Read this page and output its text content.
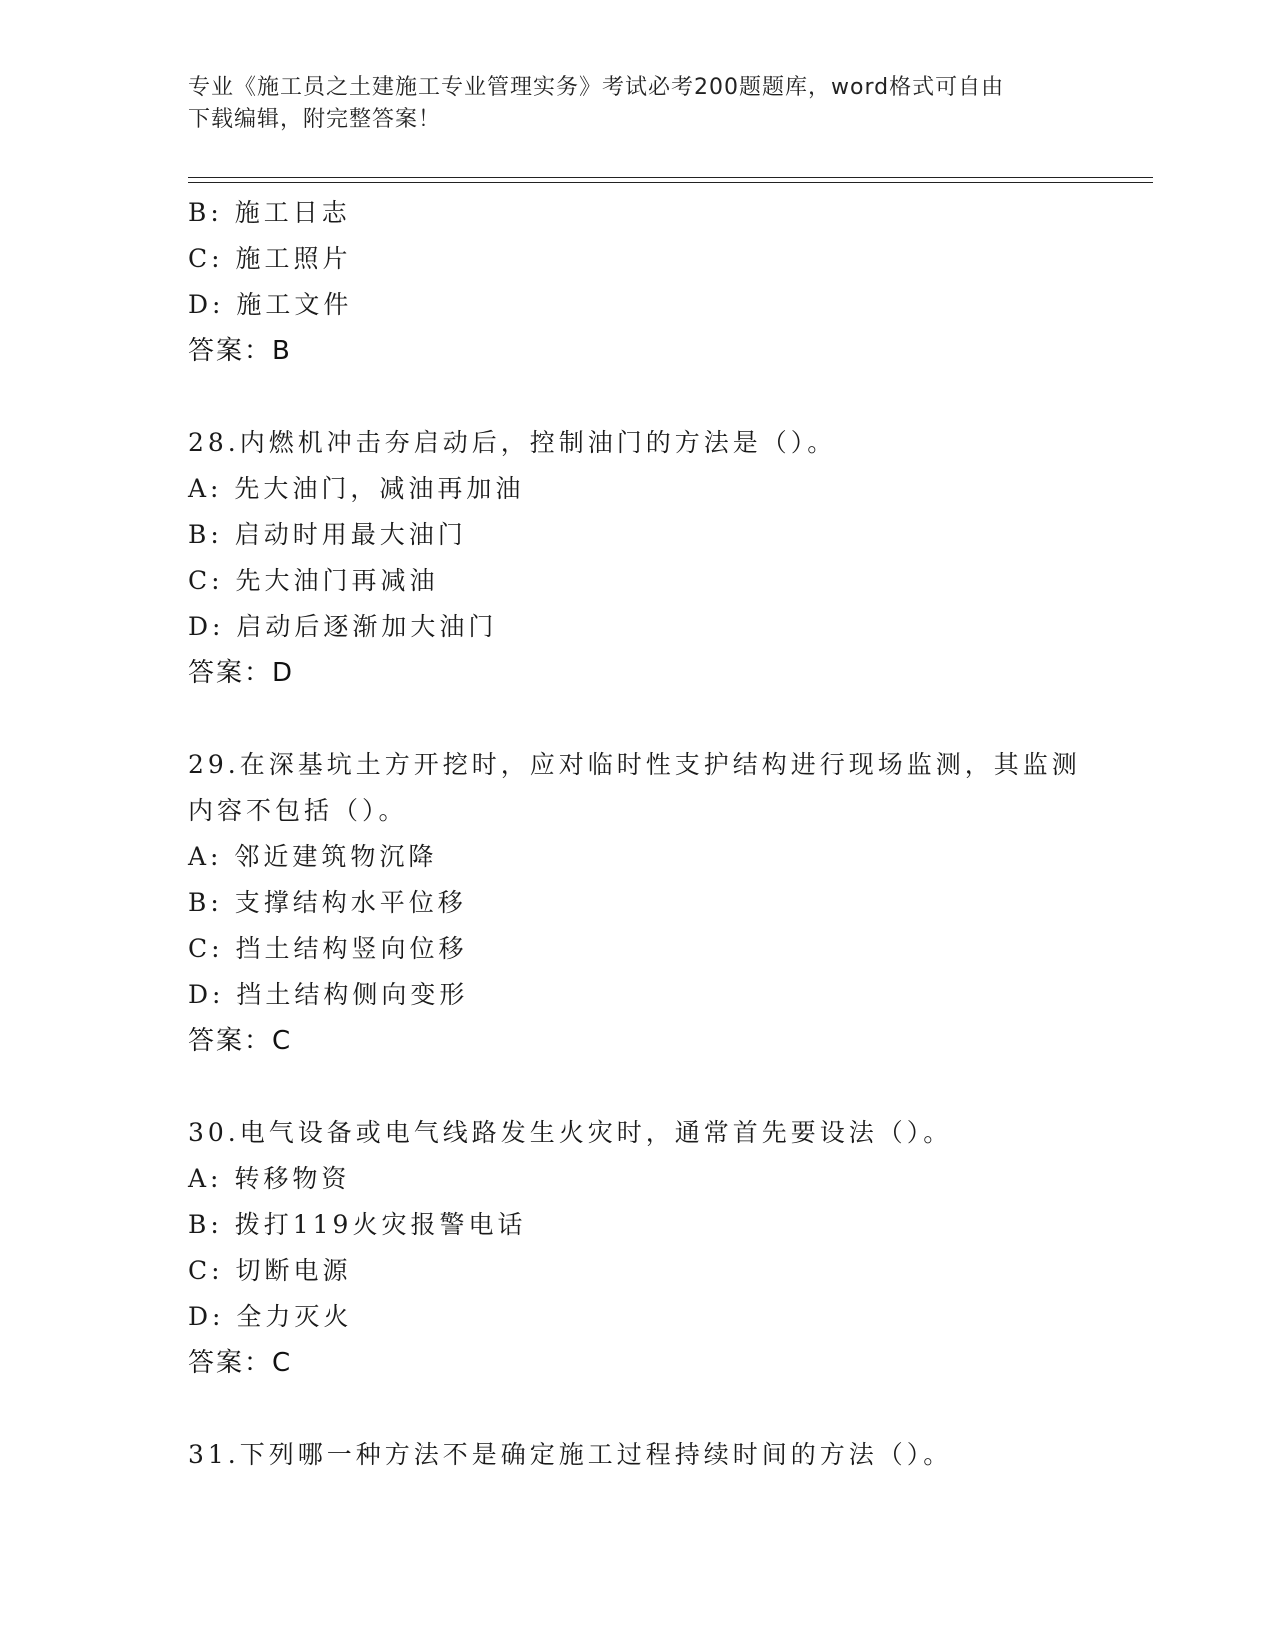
专业《施工员之土建施工专业管理实务》考试必考200题题库，word格式可自由
下载编辑，附完整答案！
B: 施工日志
C: 施工照片
D: 施工文件
答案：B
28.内燃机冲击夯启动后，控制油门的方法是（）。
A: 先大油门，减油再加油
B: 启动时用最大油门
C: 先大油门再减油
D: 启动后逐渐加大油门
答案：D
29.在深基坑土方开挖时，应对临时性支护结构进行现场监测，其监测
内容不包括（）。
A: 邻近建筑物沉降
B: 支撑结构水平位移
C: 挡土结构竖向位移
D: 挡土结构侧向变形
答案：C
30.电气设备或电气线路发生火灾时，通常首先要设法（）。
A: 转移物资
B: 拨打119火灾报警电话
C: 切断电源
D: 全力灭火
答案：C
31.下列哪一种方法不是确定施工过程持续时间的方法（）。
